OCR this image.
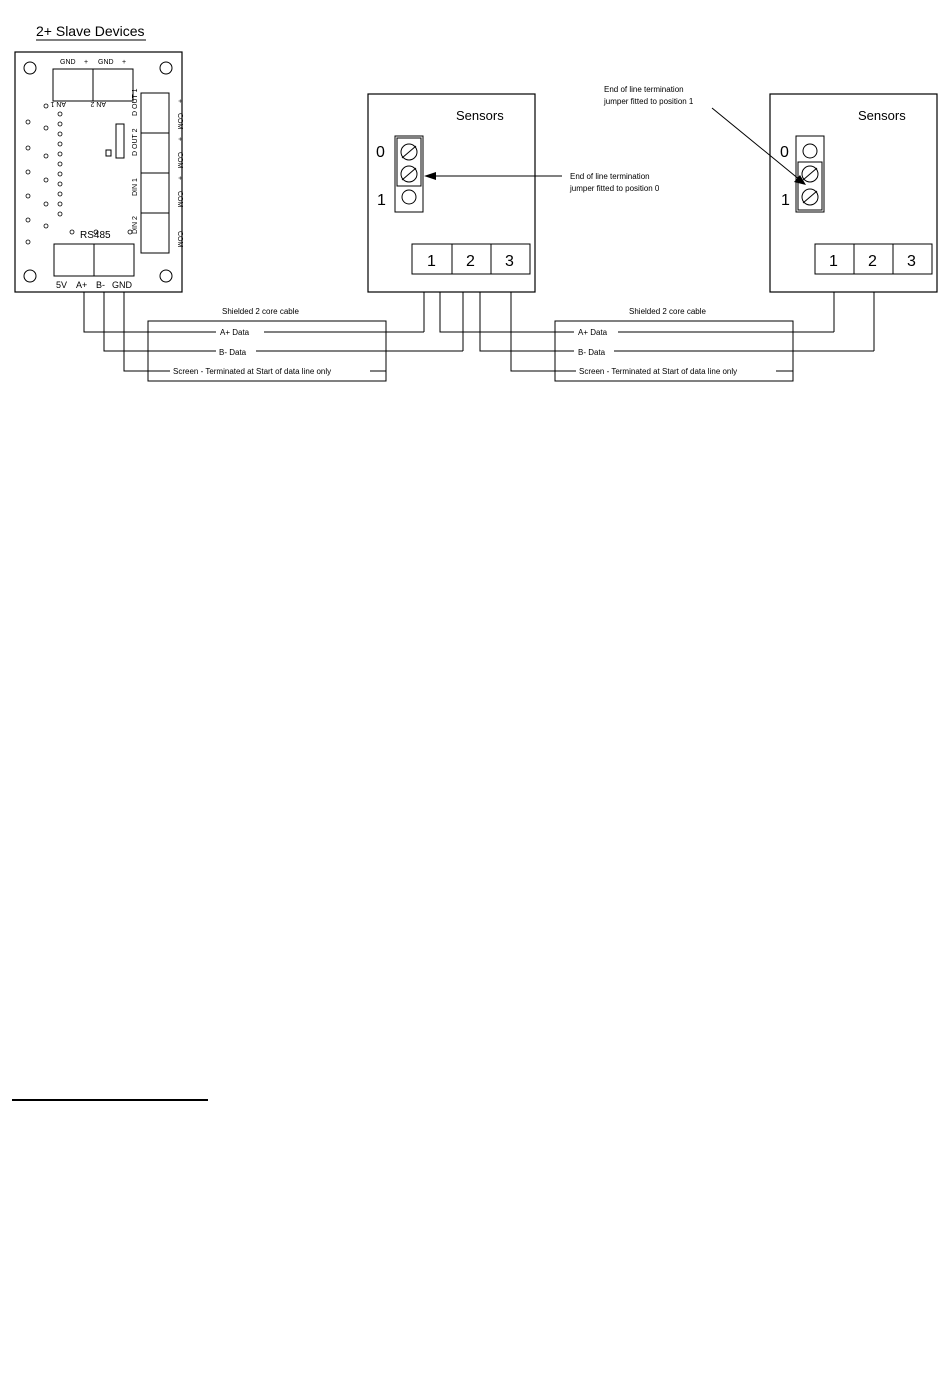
2+ Slave Devices
GND + GND +
AN 1	AN 2	D OUT 1
D OUT 2
DIN 1
DIN 2
+
COM
+
COM
+
COM
COM
RS485
5V A+ B- GND
Sensors
0
1
1 2 3
End of line termination
jumper fitted to position 0
Sensors
0
1
1 2 3
End of line termination
jumper fitted to position 1
Shielded 2 core cable
A+ Data
B- Data
Screen - Terminated at Start of data line only
Shielded 2 core cable
A+ Data
B- Data
Screen - Terminated at Start of data line only
